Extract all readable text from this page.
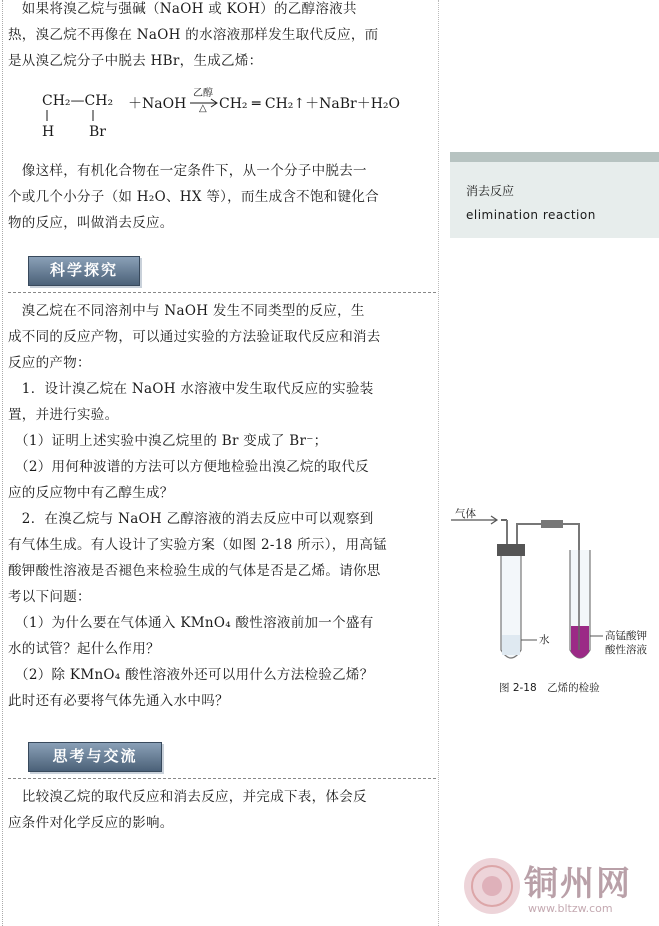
　如果将溴乙烷与强碱（NaOH 或 KOH）的乙醇溶液共
热，溴乙烷不再像在 NaOH 的水溶液那样发生取代反应，而
是从溴乙烷分子中脱去 HBr，生成乙烯：
CH₂—CH₂
H Br
＋NaOH
乙醇
△ CH₂ ═ CH₂↑＋NaBr＋H₂O
　像这样，有机化合物在一定条件下，从一个分子中脱去一
个或几个小分子（如 H₂O、HX 等），而生成含不饱和键化合
物的反应，叫做消去反应。
消去反应
elimination reaction
科学探究
　溴乙烷在不同溶剂中与 NaOH 发生不同类型的反应，生
成不同的反应产物，可以通过实验的方法验证取代反应和消去
反应的产物：
　1．设计溴乙烷在 NaOH 水溶液中发生取代反应的实验装
置，并进行实验。
　（1）证明上述实验中溴乙烷里的 Br 变成了 Br⁻；
　（2）用何种波谱的方法可以方便地检验出溴乙烷的取代反
应的反应物中有乙醇生成？
　2．在溴乙烷与 NaOH 乙醇溶液的消去反应中可以观察到
有气体生成。有人设计了实验方案（如图 2-18 所示），用高锰
酸钾酸性溶液是否褪色来检验生成的气体是否是乙烯。请你思
考以下问题：
　（1）为什么要在气体通入 KMnO₄ 酸性溶液前加一个盛有
水的试管？起什么作用？
　（2）除 KMnO₄ 酸性溶液外还可以用什么方法检验乙烯？
此时还有必要将气体先通入水中吗？
气体
水	高锰酸钾
酸性溶液
图 2-18　乙烯的检验
思考与交流
　比较溴乙烷的取代反应和消去反应，并完成下表，体会反
应条件对化学反应的影响。
铜州网
www.bltzw.com
